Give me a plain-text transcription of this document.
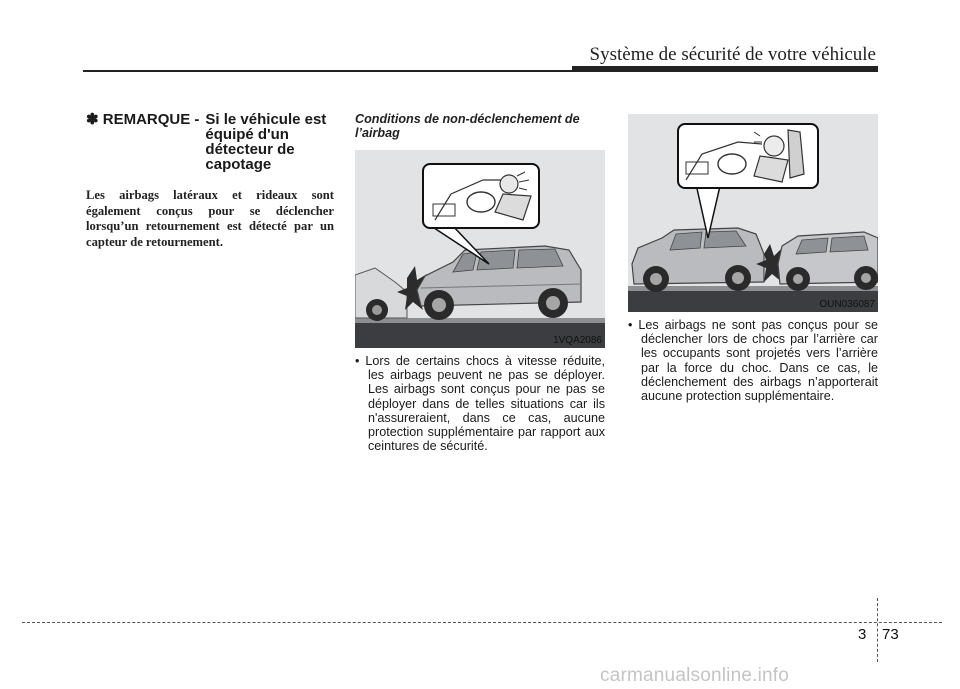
Système de sécurité de votre véhicule
✽ REMARQUE - Si le véhicule est équipé d'un détecteur de capotage
Les airbags latéraux et rideaux sont également conçus pour se déclencher lorsqu’un retournement est détecté par un capteur de retournement.
Conditions de non-déclenchement de l’airbag
1VQA2086
OUN036087

• Lors de certains chocs à vitesse réduite, les airbags peuvent ne pas se déployer. Les airbags sont conçus pour ne pas se déployer dans de telles situations car ils n'assureraient, dans ce cas, aucune protection supplémentaire par rapport aux ceintures de sécurité.

• Les airbags ne sont pas conçus pour se déclencher lors de chocs par l’arrière car les occupants sont projetés vers l’arrière par la force du choc. Dans ce cas, le déclenchement des airbags n’apporterait aucune protection supplémentaire.

3 73
carmanualsonline.info
